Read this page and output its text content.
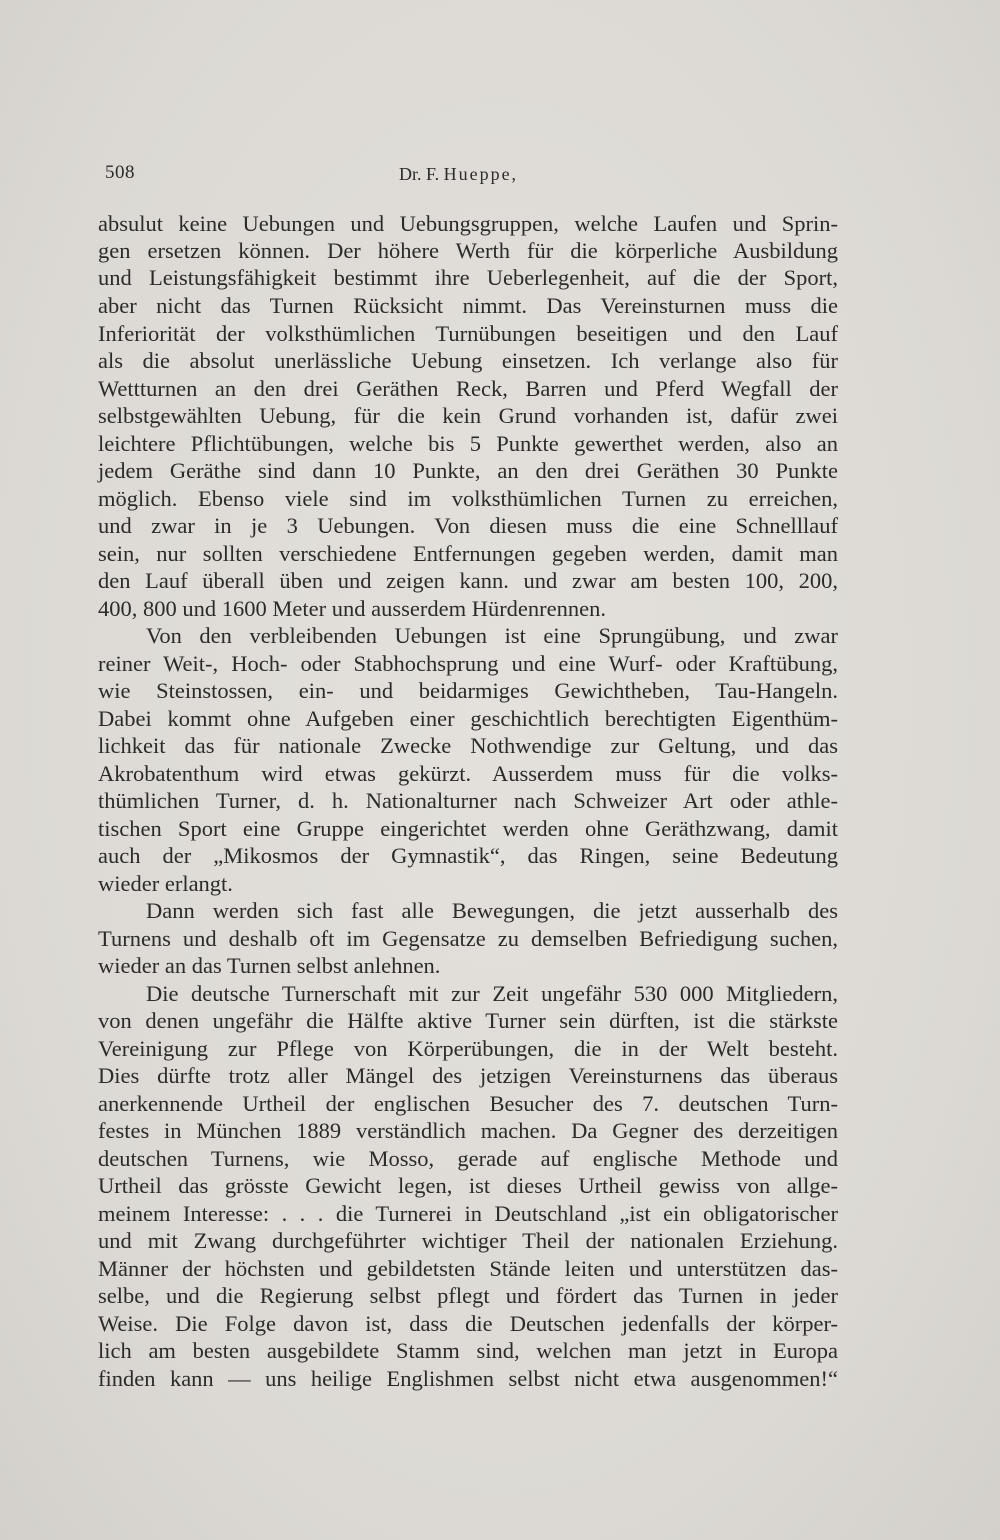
508	Dr. F. Hueppe,
absulut keine Uebungen und Uebungsgruppen, welche Laufen und Sprin-
gen ersetzen können. Der höhere Werth für die körperliche Ausbildung
und Leistungsfähigkeit bestimmt ihre Ueberlegenheit, auf die der Sport,
aber nicht das Turnen Rücksicht nimmt. Das Vereinsturnen muss die
Inferiorität der volksthümlichen Turnübungen beseitigen und den Lauf
als die absolut unerlässliche Uebung einsetzen. Ich verlange also für
Wettturnen an den drei Geräthen Reck, Barren und Pferd Wegfall der
selbstgewählten Uebung, für die kein Grund vorhanden ist, dafür zwei
leichtere Pflichtübungen, welche bis 5 Punkte gewerthet werden, also an
jedem Geräthe sind dann 10 Punkte, an den drei Geräthen 30 Punkte
möglich. Ebenso viele sind im volksthümlichen Turnen zu erreichen,
und zwar in je 3 Uebungen. Von diesen muss die eine Schnelllauf
sein, nur sollten verschiedene Entfernungen gegeben werden, damit man
den Lauf überall üben und zeigen kann. und zwar am besten 100, 200,
400, 800 und 1600 Meter und ausserdem Hürdenrennen.
Von den verbleibenden Uebungen ist eine Sprungübung, und zwar
reiner Weit-, Hoch- oder Stabhochsprung und eine Wurf- oder Kraftübung,
wie Steinstossen, ein- und beidarmiges Gewichtheben, Tau-Hangeln.
Dabei kommt ohne Aufgeben einer geschichtlich berechtigten Eigenthüm-
lichkeit das für nationale Zwecke Nothwendige zur Geltung, und das
Akrobatenthum wird etwas gekürzt. Ausserdem muss für die volks-
thümlichen Turner, d. h. Nationalturner nach Schweizer Art oder athle-
tischen Sport eine Gruppe eingerichtet werden ohne Geräthzwang, damit
auch der „Mikosmos der Gymnastik“, das Ringen, seine Bedeutung
wieder erlangt.
Dann werden sich fast alle Bewegungen, die jetzt ausserhalb des
Turnens und deshalb oft im Gegensatze zu demselben Befriedigung suchen,
wieder an das Turnen selbst anlehnen.
Die deutsche Turnerschaft mit zur Zeit ungefähr 530 000 Mitgliedern,
von denen ungefähr die Hälfte aktive Turner sein dürften, ist die stärkste
Vereinigung zur Pflege von Körperübungen, die in der Welt besteht.
Dies dürfte trotz aller Mängel des jetzigen Vereinsturnens das überaus
anerkennende Urtheil der englischen Besucher des 7. deutschen Turn-
festes in München 1889 verständlich machen. Da Gegner des derzeitigen
deutschen Turnens, wie Mosso, gerade auf englische Methode und
Urtheil das grösste Gewicht legen, ist dieses Urtheil gewiss von allge-
meinem Interesse: . . . die Turnerei in Deutschland „ist ein obligatorischer
und mit Zwang durchgeführter wichtiger Theil der nationalen Erziehung.
Männer der höchsten und gebildetsten Stände leiten und unterstützen das-
selbe, und die Regierung selbst pflegt und fördert das Turnen in jeder
Weise. Die Folge davon ist, dass die Deutschen jedenfalls der körper-
lich am besten ausgebildete Stamm sind, welchen man jetzt in Europa
finden kann — uns heilige Englishmen selbst nicht etwa ausgenommen!“
